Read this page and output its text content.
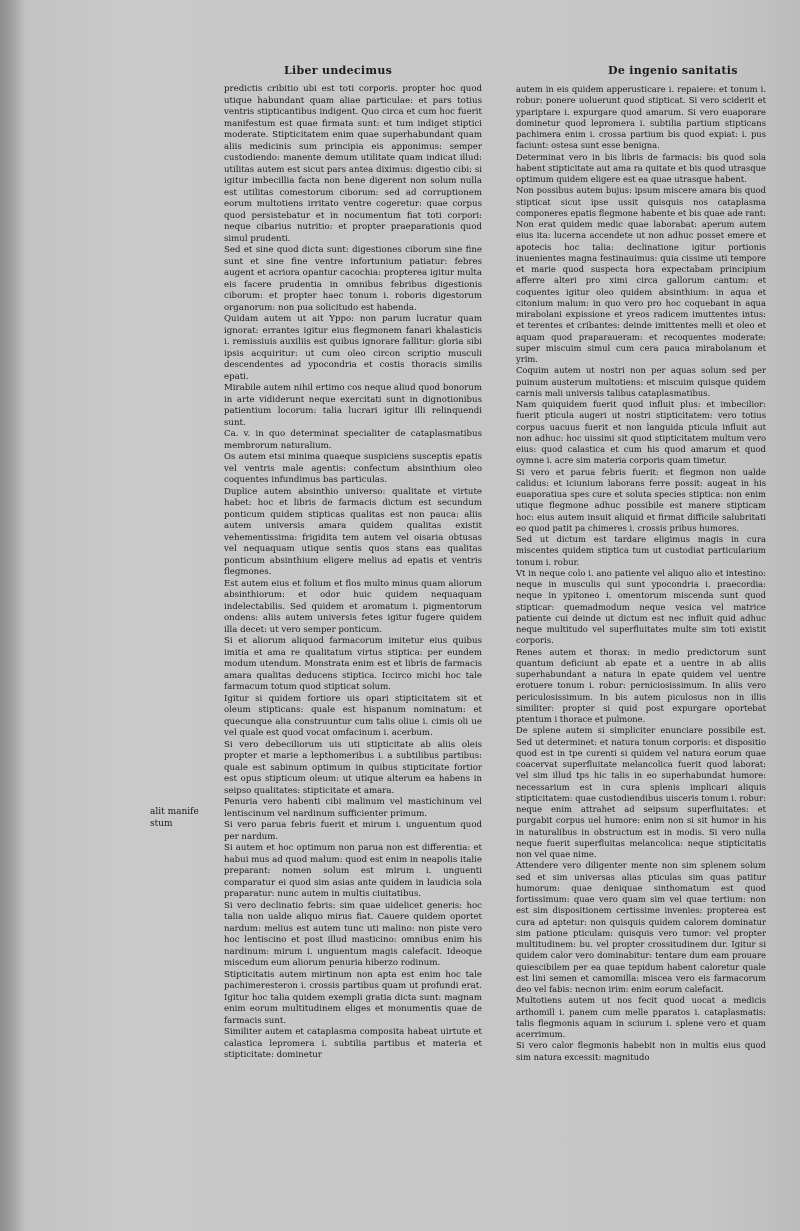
Liber undecimus	De ingenio sanitatis
alit manife stum

predictis cribitio ubi est toti corporis. propter hoc quod utique habundant quam aliae particulae: et pars totius ventris stipticantibus indigent. Quo circa et cum hoc fuerit manifestum est quae firmata sunt: et tum indiget stiptici moderate. Stipticitatem enim quae superhabundant quam aliis medicinis sum principia eis apponimus: semper custodiendo: manente demum utilitate quam indicat illud: utilitas autem est sicut pars antea diximus: digestio cibi: si igitur imbecillia facta non bene digerent non solum nulla est utilitas comestorum ciborum: sed ad corruptionem eorum multotiens irritato ventre cogeretur: quae corpus quod persistebatur et in nocumentum fiat toti corpori: neque cibarius nutritio: et propter praeparationis quod simul prudenti.

Sed et sine quod dicta sunt: digestiones ciborum sine fine sunt et sine fine ventre infortunium patiatur: febres augent et acriora opantur cacochia: propterea igitur multa eis facere prudentia in omnibus febribus digestionis ciborum: et propter haec tonum i. roboris digestorum organorum: non pua solicitudo est habenda.

Quidam autem ut ait Yppo: non parum lucratur quam ignorat: errantes igitur eius flegmonem fanari khalasticis i. remissiuis auxiliis est quibus ignorare fallitur: gloria sibi ipsis acquiritur: ut cum oleo circon scriptio musculi descendentes ad ypocondria et costis thoracis similis epati.

Mirabile autem nihil ertimo cos neque aliud quod bonorum in arte vididerunt neque exercitati sunt in dignotionibus patientium locorum: talia lucrari igitur illi relinquendi sunt.

Ca. v. in quo determinat specialiter de cataplasmatibus membrorum naturalium.

Os autem etsi minima quaeque suspiciens susceptis epatis vel ventris male agentis: confectum absinthium oleo coquentes infundimus bas particulas.

Duplice autem absinthio universo: qualitate et virtute habet: hoc et libris de farmacis dictum est secundum ponticum quidem stipticas qualitas est non pauca: aliis autem universis amara quidem qualitas existit vehementissima: frigidita tem autem vel oisaria obtusas vel nequaquam utique sentis quos stans eas qualitas ponticum absinthium eligere melius ad epatis et ventris flegmones.

Est autem eius et folium et flos multo minus quam aliorum absinthiorum: et odor huic quidem nequaquam indelectabilis. Sed quidem et aromatum i. pigmentorum ondens: aliis autem universis fetes igitur fugere quidem illa decet: ut vero semper ponticum.

Si et aliorum aliquod farmacorum imitetur eius quibus imitia et ama re qualitatum virtus stiptica: per eundem modum utendum. Monstrata enim est et libris de farmacis amara qualitas deducens stiptica. Iccirco michi hoc tale farmacum totum quod stipticat solum.

Igitur si quidem fortiore uis opari stipticitatem sit et oleum stipticans: quale est hispanum nominatum: et quecunque alia construuntur cum talis oliue i. cimis oli ue vel quale est quod vocat omfacinum i. acerbum.

Si vero debeciliorum uis uti stipticitate ab aliis oleis propter et marie a lepthomeribus i. a subtilibus partibus: quale est sabinum optimum in quibus stipticitate fortior est opus stipticum oleum: ut utique alterum ea habens in seipso qualitates: stipticitate et amara.

Penuria vero habenti cibi malinum vel mastichinum vel lentiscinum vel nardinum sufficienter primum.

Si vero parua febris fuerit et mirum i. unguentum quod per nardum.

Si autem et hoc optimum non parua non est differentia: et habui mus ad quod malum: quod est enim in neapolis italie preparant: nomen solum est mirum i. unguenti comparatur ei quod sim asias ante quidem in laudicia sola praparatur: nunc autem in multis ciuitatibus.

Si vero declinatio febris: sim quae uidelicet generis: hoc talia non ualde aliquo mirus fiat. Cauere quidem oportet nardum: melius est autem tunc uti malino: non piste vero hoc lentiscino et post illud masticino: omnibus enim his nardinum: mirum i. unguentum magis calefacit. Ideoque miscedum eum aliorum penuria hiberzo rodinum.

Stipticitatis autem mirtinum non apta est enim hoc tale pachimeresteron i. crossis partibus quam ut profundi erat. Igitur hoc talia quidem exempli gratia dicta sunt: magnam enim eorum multitudinem eliges et monumentis quae de farmacis sunt.

Similiter autem et cataplasma composita habeat uirtute et calastica lepromera i. subtilia partibus et materia et stipticitate: dominetur

autem in eis quidem apperusticare i. repaiere: et tonum i. robur: ponere uoluerunt quod stipticat. Si vero sciderit et ypariptare i. expurgare quod amarum. Si vero euaporare dominetur quod lepromera i. subtilia partium stipticans pachimera enim i. crossa partium bis quod expiat: i. pus faciunt: ostesa sunt esse benigna.

Determinat vero in bis libris de farmacis: bis quod sola habent stipticitate aut ama ra quitate et bis quod utrasque optimum quidem eligere est ea quae utrasque habent.

Non possibus autem bujus: ipsum miscere amara bis quod stipticat sicut ipse ussit quisquis nos cataplasma componeres epatis flegmone habente et bis quae ade rant: Non erat quidem medic quae laborabat: aperum autem eius ita: lucerna accendete ut non adhuc posset emere et apotecis hoc talia: declinatione igitur portionis inuenientes magna festinauimus: quia cissime uti tempore et marie quod suspecta hora expectabam principium afferre alteri pro ximi circa gallorum cantum: et coquentes igitur oleo quidem absinthium: in aqua et citonium malum: in quo vero pro hoc coquebant in aqua mirabolani expissione et yreos radicem imuttentes intus: et terentes et cribantes: deinde imittentes melli et oleo et aquam quod praparaueram: et recoquentes moderate: super miscuim simul cum cera pauca mirabolanum et yrim.

Coquim autem ut nostri non per aquas solum sed per puinum austerum multotiens: et miscuim quisque quidem carnis mali universis talibus cataplasmatibus.

Nam quiquidem fuerit quod influit plus: et imbecilior: fuerit pticula augeri ut nostri stipticitatem: vero totius corpus uacuus fuerit et non languida pticula influit aut non adhuc: hoc uissimi sit quod stipticitatem multum vero eius: quod calastica et cum his quod amarum et quod oymne i. acre sim materia corporis quam timetur.

Si vero et parua febris fuerit: et flegmon non ualde calidus: et iciunium laborans ferre possit: augeat in his euaporatiua spes cure et soluta species stiptica: non enim utique flegmone adhuc possibile est manere stipticam hoc: eius autem insuit aliquid et firmat difficile salubritati eo quod patit pa chimeres i. crossis pribus humores.

Sed ut dictum est tardare eligimus magis in cura miscentes quidem stiptica tum ut custodiat particularium tonum i. robur.

Vt in neque colo i. ano patiente vel aliquo alio et intestino: neque in musculis qui sunt ypocondria i. praecordia: neque in ypitoneo i. omentorum miscenda sunt quod stipticar: quemadmodum neque vesica vel matrice patiente cui deinde ut dictum est nec influit quid adhuc neque multitudo vel superfluitates multe sim toti existit corporis.

Renes autem et thorax: in medio predictorum sunt quantum deficiunt ab epate et a uentre in ab aliis superhabundant a natura in epate quidem vel uentre erotuere tonum i. robur: perniciosissimum. In aliis vero periculosissimum. In bis autem piculosus non in illis similiter: propter si quid post expurgare oportebat ptentum i thorace et pulmone.

De splene autem si simpliciter enunciare possibile est. Sed ut determinet: et natura tonum corporis: et dispositio quod est in tpe curenti si quidem vel natura eorum quae coacervat superfluitate melancolica fuerit quod laborat: vel sim illud tps hic talis in eo superhabundat humore: necessarium est in cura splenis implicari aliquis stipticitatem: quae custodiendibus uisceris tonum i. robur: neque enim attrahet ad seipsum superfluitates: et purgabit corpus uel humore: enim non si sit humor in his in naturalibus in obstructum est in modis. Si vero nulla neque fuerit superfluitas melancolica: neque stipticitatis non vel quae nime.

Attendere vero diligenter mente non sim splenem solum sed et sim universas alias pticulas sim quas patitur humorum: quae deniquae sinthomatum est quod fortissimum: quae vero quam sim vel quae tertium: non est sim dispositionem certissime invenies: propterea est cura ad aptetur: non quisquis quidem calorem dominatur sim patione pticulam: quisquis vero tumor: vel propter multitudinem: bu. vel propter crossitudinem dur. Igitur si quidem calor vero dominabitur: tentare dum eam prouare quiescibilem per ea quae tepidum habent caloretur quale est lini semen et camomilla: miscea vero eis farmacorum deo vel fabis: necnon irim: enim eorum calefacit.

Multotiens autem ut nos fecit quod uocat a medicis arthomill i. panem cum melle pparatos i. cataplasmatis: talis flegmonis aquam in sciurum i. splene vero et quam acerrimum.

Si vero calor flegmonis habebit non in multis eius quod sim natura excessit: magnitudo
